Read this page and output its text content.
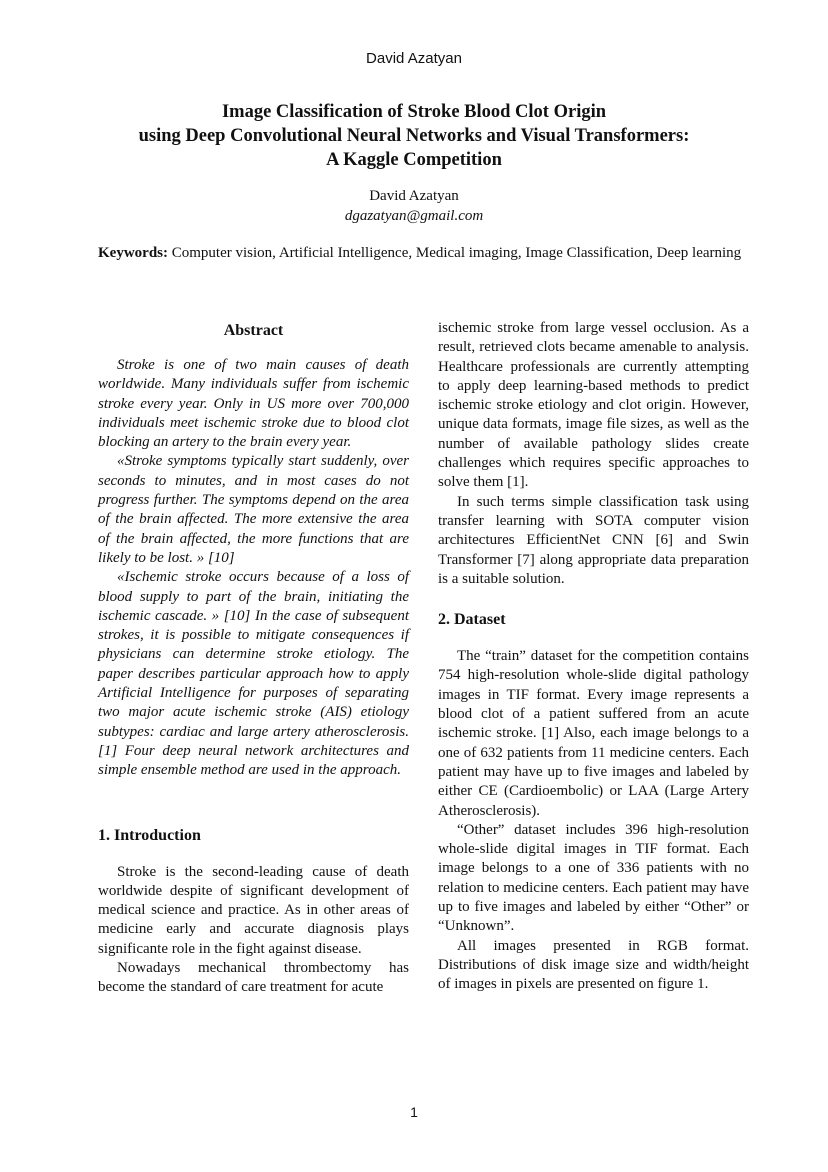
David Azatyan
Image Classification of Stroke Blood Clot Origin
using Deep Convolutional Neural Networks and Visual Transformers:
A Kaggle Competition
David Azatyan
dgazatyan@gmail.com
Keywords: Computer vision, Artificial Intelligence, Medical imaging, Image Classification, Deep learning
Abstract

Stroke is one of two main causes of death worldwide. Many individuals suffer from ischemic stroke every year. Only in US more over 700,000 individuals meet ischemic stroke due to blood clot blocking an artery to the brain every year.

«Stroke symptoms typically start suddenly, over seconds to minutes, and in most cases do not progress further. The symptoms depend on the area of the brain affected. The more extensive the area of the brain affected, the more functions that are likely to be lost. » [10]

«Ischemic stroke occurs because of a loss of blood supply to part of the brain, initiating the ischemic cascade. » [10] In the case of subsequent strokes, it is possible to mitigate consequences if physicians can determine stroke etiology. The paper describes particular approach how to apply Artificial Intelligence for purposes of separating two major acute ischemic stroke (AIS) etiology subtypes: cardiac and large artery atherosclerosis. [1] Four deep neural network architectures and simple ensemble method are used in the approach.

1. Introduction

Stroke is the second-leading cause of death worldwide despite of significant development of medical science and practice. As in other areas of medicine early and accurate diagnosis plays significante role in the fight against disease.

Nowadays mechanical thrombectomy has become the standard of care treatment for acute

ischemic stroke from large vessel occlusion. As a result, retrieved clots became amenable to analysis. Healthcare professionals are currently attempting to apply deep learning-based methods to predict ischemic stroke etiology and clot origin. However, unique data formats, image file sizes, as well as the number of available pathology slides create challenges which requires specific approaches to solve them [1].

In such terms simple classification task using transfer learning with SOTA computer vision architectures EfficientNet CNN [6] and Swin Transformer [7] along appropriate data preparation is a suitable solution.

2. Dataset

The “train” dataset for the competition contains 754 high-resolution whole-slide digital pathology images in TIF format. Every image represents a blood clot of a patient suffered from an acute ischemic stroke. [1] Also, each image belongs to a one of 632 patients from 11 medicine centers. Each patient may have up to five images and labeled by either CE (Cardioembolic) or LAA (Large Artery Atherosclerosis).

“Other” dataset includes 396 high-resolution whole-slide digital images in TIF format. Each image belongs to a one of 336 patients with no relation to medicine centers. Each patient may have up to five images and labeled by either “Other” or “Unknown”.

All images presented in RGB format. Distributions of disk image size and width/height of images in pixels are presented on figure 1.

1
